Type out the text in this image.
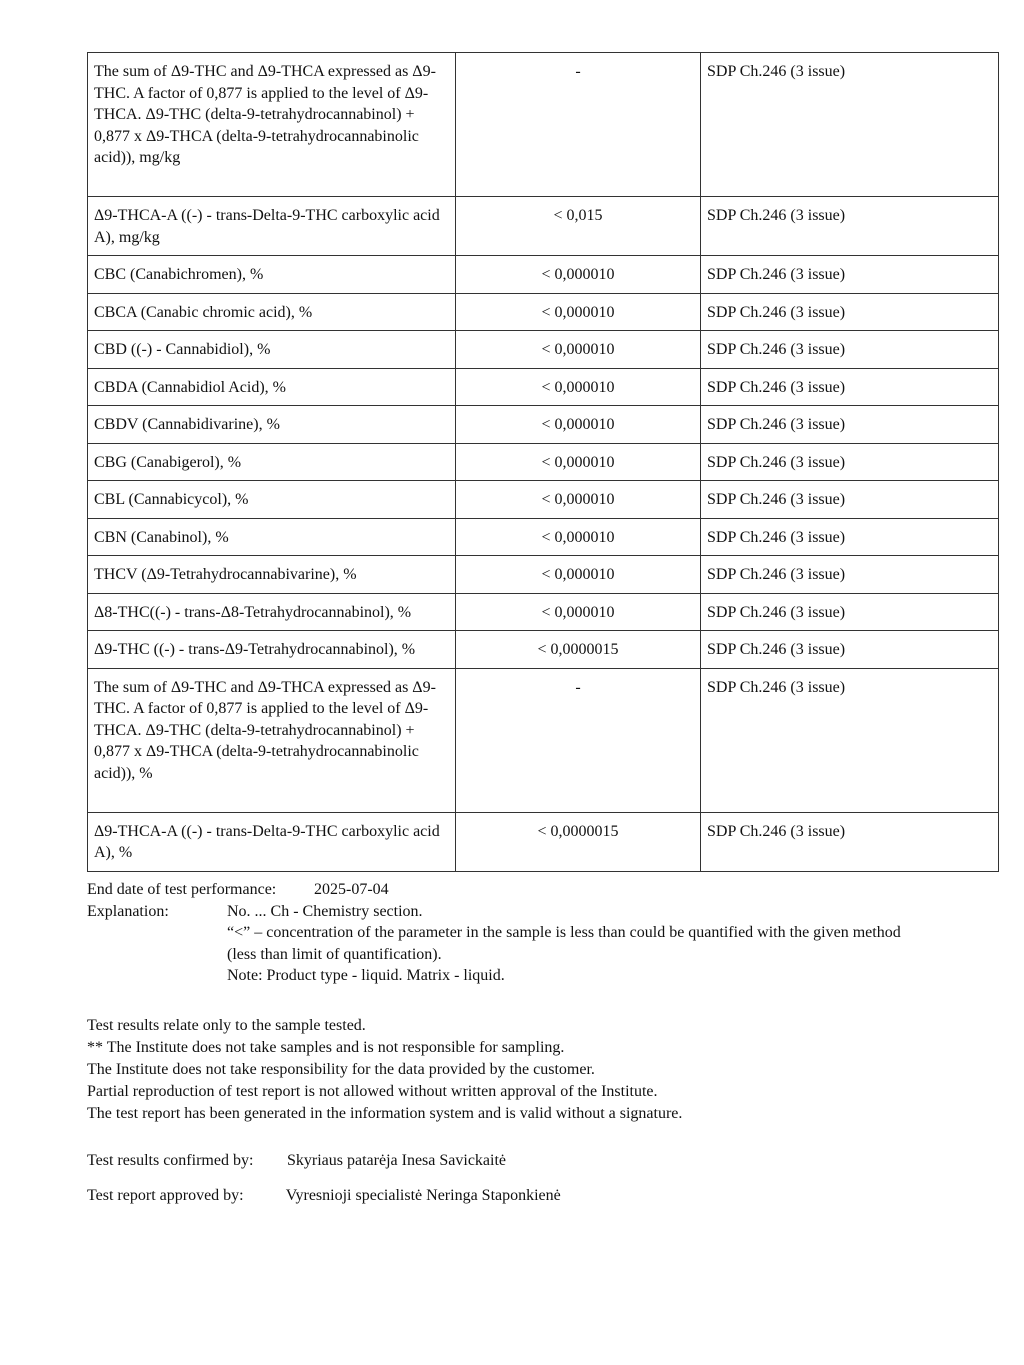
The sum of Δ9-THC and Δ9-THCA expressed as Δ9-THC. A factor of 0,877 is applied to the level of Δ9-THCA. Δ9-THC (delta-9-tetrahydrocannabinol) + 0,877 x Δ9-THCA (delta-9-tetrahydrocannabinolic acid)), mg/kg	-	SDP Ch.246 (3 issue)
Δ9-THCA-A ((-) - trans-Delta-9-THC carboxylic acid A), mg/kg	< 0,015	SDP Ch.246 (3 issue)
CBC (Canabichromen), %	< 0,000010	SDP Ch.246 (3 issue)
CBCA (Canabic chromic acid), %	< 0,000010	SDP Ch.246 (3 issue)
CBD ((-) - Cannabidiol), %	< 0,000010	SDP Ch.246 (3 issue)
CBDA (Cannabidiol Acid), %	< 0,000010	SDP Ch.246 (3 issue)
CBDV (Cannabidivarine), %	< 0,000010	SDP Ch.246 (3 issue)
CBG (Canabigerol), %	< 0,000010	SDP Ch.246 (3 issue)
CBL (Cannabicycol), %	< 0,000010	SDP Ch.246 (3 issue)
CBN (Canabinol), %	< 0,000010	SDP Ch.246 (3 issue)
THCV (Δ9-Tetrahydrocannabivarine), %	< 0,000010	SDP Ch.246 (3 issue)
Δ8-THC((-) - trans-Δ8-Tetrahydrocannabinol), %	< 0,000010	SDP Ch.246 (3 issue)
Δ9-THC ((-) - trans-Δ9-Tetrahydrocannabinol), %	< 0,0000015	SDP Ch.246 (3 issue)
The sum of Δ9-THC and Δ9-THCA expressed as Δ9-THC. A factor of 0,877 is applied to the level of Δ9-THCA. Δ9-THC (delta-9-tetrahydrocannabinol) + 0,877 x Δ9-THCA (delta-9-tetrahydrocannabinolic acid)), %	-	SDP Ch.246 (3 issue)
Δ9-THCA-A ((-) - trans-Delta-9-THC carboxylic acid A), %	< 0,0000015	SDP Ch.246 (3 issue)
End date of test performance:	2025-07-04
Explanation:	No. ... Ch - Chemistry section.
“<” – concentration of the parameter in the sample is less than could be quantified with the given method
(less than limit of quantification).
Note: Product type - liquid. Matrix - liquid.
Test results relate only to the sample tested.
** The Institute does not take samples and is not responsible for sampling.
The Institute does not take responsibility for the data provided by the customer.
Partial reproduction of test report is not allowed without written approval of the Institute.
The test report has been generated in the information system and is valid without a signature.
Test results confirmed by: Skyriaus patarėja Inesa Savickaitė
Test report approved by:	Vyresnioji specialistė Neringa Staponkienė
